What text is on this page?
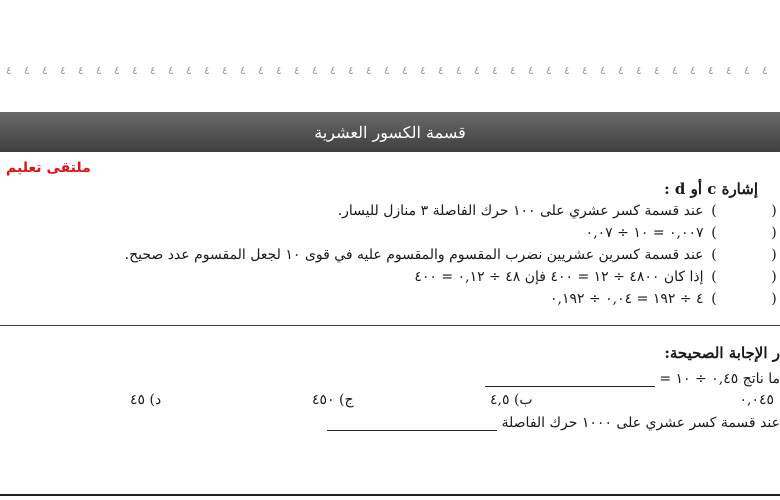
٤ ٤ ٤ ٤ ٤ ٤ ٤ ٤ ٤ ٤ ٤ ٤ ٤ ٤ ٤ ٤ ٤ ٤ ٤ ٤ ٤ ٤ ٤ ٤ ٤ ٤ ٤ ٤ ٤ ٤ ٤ ٤ ٤ ٤ ٤ ٤ ٤ ٤ ٤ ٤ ٤ ٤ ٤
قسمة الكسور العشرية
ملتقى تعليم
إشارة c أو d :
(
)

عند قسمة كسر عشري على ١٠٠ حرك الفاصلة ٣ منازل لليسار.
(
)

٠,٠٠٧ = ١٠ ÷ ٠,٠٧
(
)

عند قسمة كسرين عشريين نضرب المقسوم والمقسوم عليه في قوى ١٠ لجعل المقسوم عدد صحيح.
(
)

إذا كان ٤٨٠٠ ÷ ١٢ = ٤٠٠ فإن ٤٨ ÷ ٠,١٢ = ٤٠٠
(
)

٤ ÷ ١٩٢ = ٠,٠٤ ÷ ٠,١٩٢
ر الإجابة الصحيحة:
ما ناتج ٠,٤٥ ÷ ١٠ =
٠,٠٤٥
ب) ٤,٥
ج) ٤٥٠
د) ٤٥
عند قسمة كسر عشري على ١٠٠٠ حرك الفاصلة
